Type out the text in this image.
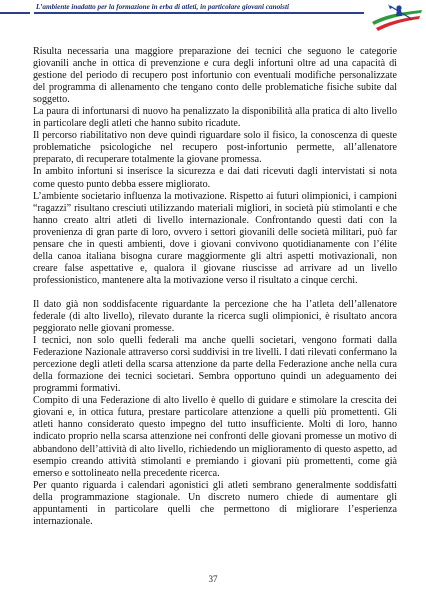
L’ambiente inadatto per la formazione in erba di atleti, in particolare giovani canoisti

Risulta necessaria una maggiore preparazione dei tecnici che seguono le categorie giovanili anche in ottica di prevenzione e cura degli infortuni oltre ad una capacità di gestione del periodo di recupero post infortunio con eventuali modifiche personalizzate del programma di allenamento che tengano conto delle problematiche fisiche subite dal soggetto.

La paura di infortunarsi di nuovo ha penalizzato la disponibilità alla pratica di alto livello in particolare degli atleti che hanno subito ricadute.

Il percorso riabilitativo non deve quindi riguardare solo il fisico, la conoscenza di queste problematiche psicologiche nel recupero post-infortunio permette, all’allenatore preparato, di recuperare totalmente la giovane promessa.

In ambito infortuni si inserisce la sicurezza e dai dati ricevuti dagli intervistati si nota come questo punto debba essere migliorato.

L’ambiente societario influenza la motivazione. Rispetto ai futuri olimpionici, i campioni “ragazzi” risultano cresciuti utilizzando materiali migliori, in società più stimolanti e che hanno creato altri atleti di livello internazionale. Confrontando questi dati con la provenienza di gran parte di loro, ovvero i settori giovanili delle società militari, può far pensare che in questi ambienti, dove i giovani convivono quotidianamente con l’élite della canoa italiana bisogna curare maggiormente gli altri aspetti motivazionali, non creare false aspettative e, qualora il giovane riuscisse ad arrivare ad un livello professionistico, mantenere alta la motivazione verso il risultato a cinque cerchi.

Il dato già non soddisfacente riguardante la percezione che ha l’atleta dell’allenatore federale (di alto livello), rilevato durante la ricerca sugli olimpionici, è risultato ancora peggiorato nelle giovani promesse.

I tecnici, non solo quelli federali ma anche quelli societari, vengono formati dalla Federazione Nazionale attraverso corsi suddivisi in tre livelli. I dati rilevati confermano la percezione degli atleti della scarsa attenzione da parte della Federazione anche nella cura della formazione dei tecnici societari. Sembra opportuno quindi un adeguamento dei programmi formativi.

Compito di una Federazione di alto livello è quello di guidare e stimolare la crescita dei giovani e, in ottica futura, prestare particolare attenzione a quelli più promettenti. Gli atleti hanno considerato questo impegno del tutto insufficiente. Molti di loro, hanno indicato proprio nella scarsa attenzione nei confronti delle giovani promesse un motivo di abbandono dell’attività di alto livello, richiedendo un miglioramento di questo aspetto, ad esempio creando attività stimolanti e premiando i giovani più promettenti, come già emerso e sottolineato nella precedente ricerca.

Per quanto riguarda i calendari agonistici gli atleti sembrano generalmente soddisfatti della programmazione stagionale. Un discreto numero chiede di aumentare gli appuntamenti in particolare quelli che permettono di migliorare l’esperienza internazionale.

37
